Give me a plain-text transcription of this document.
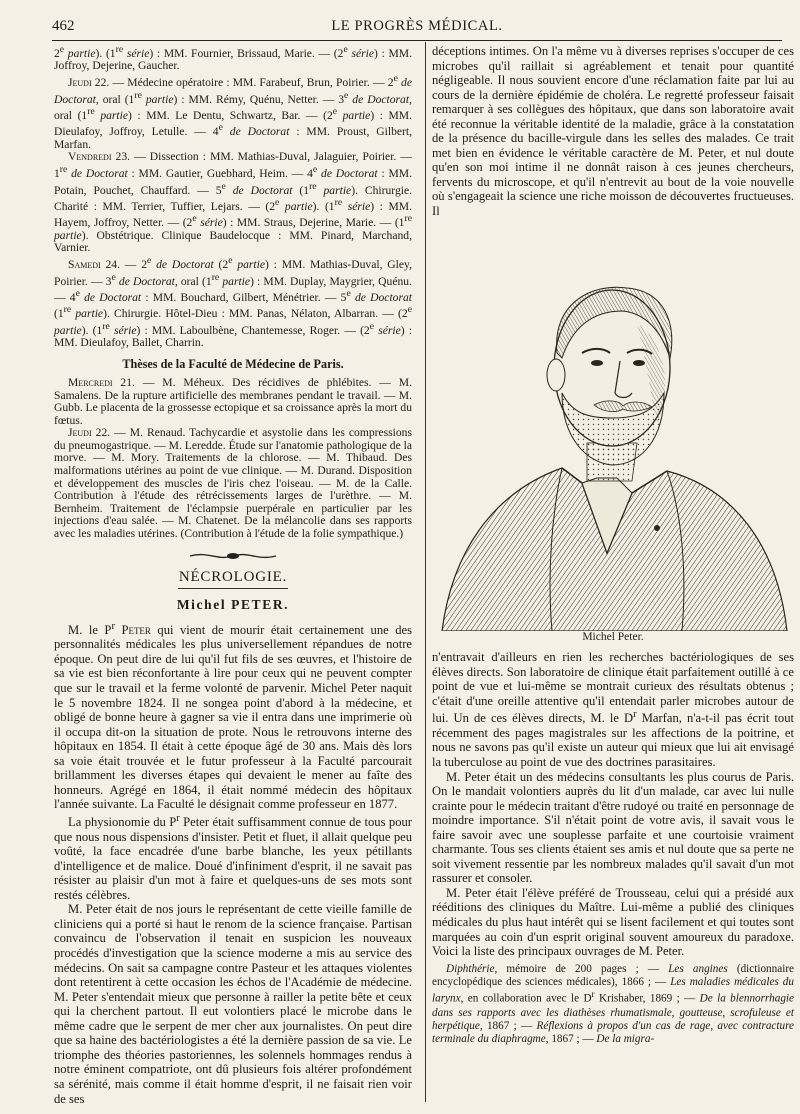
462	LE PROGRÈS MÉDICAL.

2e partie). (1re série) : MM. Fournier, Brissaud, Marie. — (2e série) : MM. Joffroy, Dejerine, Gaucher.

Jeudi 22. — Médecine opératoire : MM. Farabeuf, Brun, Poirier. — 2e de Doctorat, oral (1re partie) : MM. Rémy, Quénu, Netter. — 3e de Doctorat, oral (1re partie) : MM. Le Dentu, Schwartz, Bar. — (2e partie) : MM. Dieulafoy, Joffroy, Letulle. — 4e de Doctorat : MM. Proust, Gilbert, Marfan.

Vendredi 23. — Dissection : MM. Mathias-Duval, Jalaguier, Poirier. — 1re de Doctorat : MM. Gautier, Guebhard, Heim. — 4e de Doctorat : MM. Potain, Pouchet, Chauffard. — 5e de Doctorat (1re partie). Chirurgie. Charité : MM. Terrier, Tuffier, Lejars. — (2e partie). (1re série) : MM. Hayem, Joffroy, Netter. — (2e série) : MM. Straus, Dejerine, Marie. — (1re partie). Obstétrique. Clinique Baudelocque : MM. Pinard, Marchand, Varnier.

Samedi 24. — 2e de Doctorat (2e partie) : MM. Mathias-Duval, Gley, Poirier. — 3e de Doctorat, oral (1re partie) : MM. Duplay, Maygrier, Quénu. — 4e de Doctorat : MM. Bouchard, Gilbert, Ménétrier. — 5e de Doctorat (1re partie). Chirurgie. Hôtel-Dieu : MM. Panas, Nélaton, Albarran. — (2e partie). (1re série) : MM. Laboulbène, Chantemesse, Roger. — (2e série) : MM. Dieulafoy, Ballet, Charrin.

Thèses de la Faculté de Médecine de Paris.

Mercredi 21. — M. Méheux. Des récidives de phlébites. — M. Samalens. De la rupture artificielle des membranes pendant le travail. — M. Gubb. Le placenta de la grossesse ectopique et sa croissance après la mort du fœtus.

Jeudi 22. — M. Renaud. Tachycardie et asystolie dans les compressions du pneumogastrique. — M. Leredde. Étude sur l'anatomie pathologique de la morve. — M. Mory. Traitements de la chlorose. — M. Thibaud. Des malformations utérines au point de vue clinique. — M. Durand. Disposition et développement des muscles de l'iris chez l'oiseau. — M. de la Calle. Contribution à l'étude des rétrécissements larges de l'urèthre. — M. Bernheim. Traitement de l'éclampsie puerpérale en particulier par les injections d'eau salée. — M. Chatenet. De la mélancolie dans ses rapports avec les maladies utérines. (Contribution à l'étude de la folie sympathique.)

NÉCROLOGIE.
Michel PETER.

M. le $P^r$ Peter qui vient de mourir était certainement une des personnalités médicales les plus universellement répandues de notre époque. On peut dire de lui qu'il fut fils de ses œuvres, et l'histoire de sa vie est bien réconfortante à lire pour ceux qui ne peuvent compter que sur le travail et la ferme volonté de parvenir. Michel Peter naquit le 5 novembre 1824. Il ne songea point d'abord à la médecine, et obligé de bonne heure à gagner sa vie il entra dans une imprimerie où il occupa dit-on la situation de prote. Nous le retrouvons interne des hôpitaux en 1854. Il était à cette époque âgé de 30 ans. Mais dès lors sa voie était trouvée et le futur professeur à la Faculté parcourait brillamment les diverses étapes qui devaient le mener au faîte des honneurs. Agrégé en 1864, il était nommé médecin des hôpitaux l'année suivante. La Faculté le désignait comme professeur en 1877.

La physionomie du $P^r$ Peter était suffisamment connue de tous pour que nous nous dispensions d'insister. Petit et fluet, il allait quelque peu voûté, la face encadrée d'une barbe blanche, les yeux pétillants d'intelligence et de malice. Doué d'infiniment d'esprit, il ne savait pas résister au plaisir d'un mot à faire et quelques-uns de ses mots sont restés célèbres.

M. Peter était de nos jours le représentant de cette vieille famille de cliniciens qui a porté si haut le renom de la science française. Partisan convaincu de l'observation il tenait en suspicion les nouveaux procédés d'investigation que la science moderne a mis au service des médecins. On sait sa campagne contre Pasteur et les attaques violentes dont retentirent à cette occasion les échos de l'Académie de médecine. M. Peter s'entendait mieux que personne à railler la petite bête et ceux qui la cherchent partout. Il eut volontiers placé le microbe dans le même cadre que le serpent de mer cher aux journalistes. On peut dire que sa haine des bactériologistes a été la dernière passion de sa vie. Le triomphe des théories pastoriennes, les solennels hommages rendus à notre éminent compatriote, ont dû plusieurs fois altérer profondément sa sérénité, mais comme il était homme d'esprit, il ne faisait rien voir de ses

déceptions intimes. On l'a même vu à diverses reprises s'occuper de ces microbes qu'il raillait si agréablement et tenait pour quantité négligeable. Il nous souvient encore d'une réclamation faite par lui au cours de la dernière épidémie de choléra. Le regretté professeur faisait remarquer à ses collègues des hôpitaux, que dans son laboratoire avait été reconnue la véritable identité de la maladie, grâce à la constatation de la présence du bacille-virgule dans les selles des malades. Ce trait met bien en évidence le véritable caractère de M. Peter, et nul doute qu'en son moi intime il ne donnât raison à ces jeunes chercheurs, fervents du microscope, et qu'il n'entrevit au bout de la voie nouvelle où s'engageait la science une riche moisson de découvertes fructueuses. Il

Michel Peter.

n'entravait d'ailleurs en rien les recherches bactériologiques de ses élèves directs. Son laboratoire de clinique était parfaitement outillé à ce point de vue et lui-même se montrait curieux des résultats obtenus ; c'était d'une oreille attentive qu'il entendait parler microbes autour de lui. Un de ces élèves directs, M. le $D^r$ Marfan, n'a-t-il pas écrit tout récemment des pages magistrales sur les affections de la poitrine, et nous ne savons pas qu'il existe un auteur qui mieux que lui ait envisagé la tuberculose au point de vue des doctrines parasitaires.

M. Peter était un des médecins consultants les plus courus de Paris. On le mandait volontiers auprès du lit d'un malade, car avec lui nulle crainte pour le médecin traitant d'être rudoyé ou traité en personnage de moindre importance. S'il n'était point de votre avis, il savait vous le faire savoir avec une souplesse parfaite et une courtoisie vraiment charmante. Tous ses clients étaient ses amis et nul doute que sa perte ne soit vivement ressentie par les nombreux malades qu'il savait d'un mot rassurer et consoler.

M. Peter était l'élève préféré de Trousseau, celui qui a présidé aux rééditions des cliniques du Maître. Lui-même a publié des cliniques médicales du plus haut intérêt qui se lisent facilement et qui toutes sont marquées au coin d'un esprit original souvent amoureux du paradoxe. Voici la liste des principaux ouvrages de M. Peter.

Diphthérie, mémoire de 200 pages ; — Les angines (dictionnaire encyclopédique des sciences médicales), 1866 ; — Les maladies médicales du larynx, en collaboration avec le $D^r$ Krishaber, 1869 ; — De la blennorrhagie dans ses rapports avec les diathèses rhumatismale, goutteuse, scrofuleuse et herpétique, 1867 ; — Réflexions à propos d'un cas de rage, avec contracture terminale du diaphragme, 1867 ; — De la migra-
